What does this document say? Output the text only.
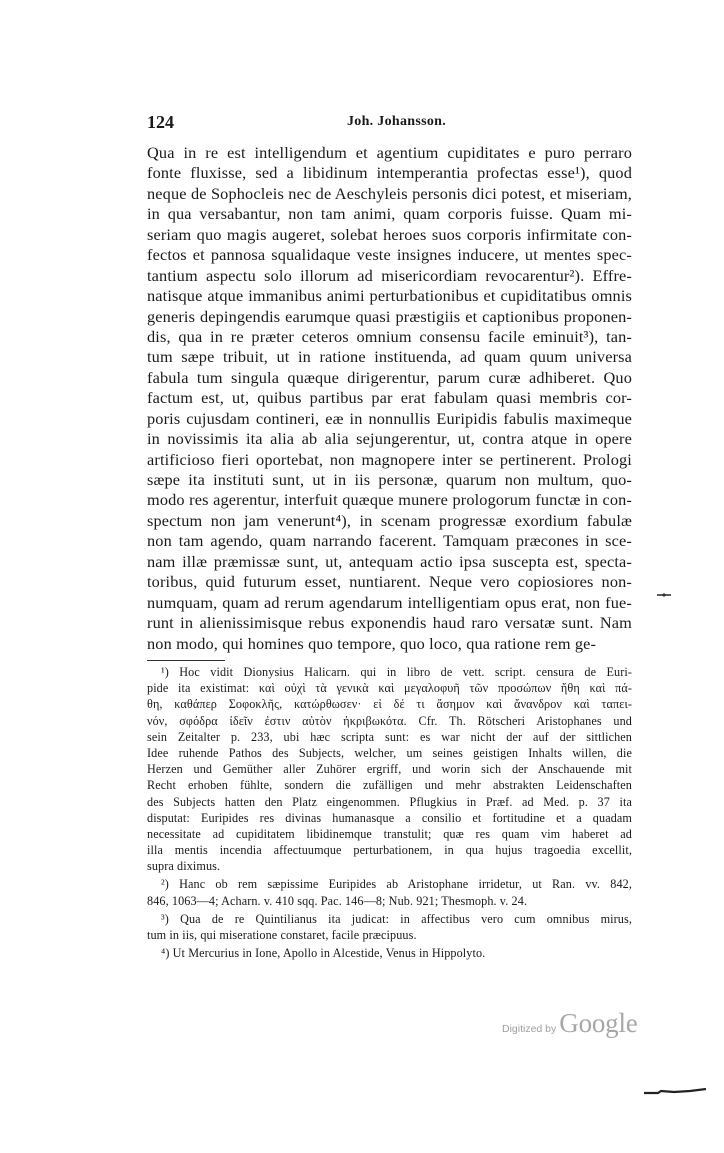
124	Joh. Johansson.
Qua in re est intelligendum et agentium cupiditates e puro perraro
fonte fluxisse, sed a libidinum intemperantia profectas esse¹), quod
neque de Sophocleis nec de Aeschyleis personis dici potest, et miseriam,
in qua versabantur, non tam animi, quam corporis fuisse. Quam mi-
seriam quo magis augeret, solebat heroes suos corporis infirmitate con-
fectos et pannosa squalidaque veste insignes inducere, ut mentes spec-
tantium aspectu solo illorum ad misericordiam revocarentur²). Effre-
natisque atque immanibus animi perturbationibus et cupiditatibus omnis
generis depingendis earumque quasi præstigiis et captionibus proponen-
dis, qua in re præter ceteros omnium consensu facile eminuit³), tan-
tum sæpe tribuit, ut in ratione instituenda, ad quam quum universa
fabula tum singula quæque dirigerentur, parum curæ adhiberet. Quo
factum est, ut, quibus partibus par erat fabulam quasi membris cor-
poris cujusdam contineri, eæ in nonnullis Euripidis fabulis maximeque
in novissimis ita alia ab alia sejungerentur, ut, contra atque in opere
artificioso fieri oportebat, non magnopere inter se pertinerent. Prologi
sæpe ita instituti sunt, ut in iis personæ, quarum non multum, quo-
modo res agerentur, interfuit quæque munere prologorum functæ in con-
spectum non jam venerunt⁴), in scenam progressæ exordium fabulæ
non tam agendo, quam narrando facerent. Tamquam præcones in sce-
nam illæ præmissæ sunt, ut, antequam actio ipsa suscepta est, specta-
toribus, quid futurum esset, nuntiarent. Neque vero copiosiores non-
numquam, quam ad rerum agendarum intelligentiam opus erat, non fue-
runt in alienissimisque rebus exponendis haud raro versatæ sunt. Nam
non modo, qui homines quo tempore, quo loco, qua ratione rem ge-
¹) Hoc vidit Dionysius Halicarn. qui in libro de vett. script. censura de Euri-
pide ita existimat: καὶ οὐχὶ τὰ γενικὰ καὶ μεγαλοφυῆ τῶν προσώπων ἤθη καὶ πά-
θη, καθάπερ Σοφοκλῆς, κατώρθωσεν· εἰ δέ τι ἄσημον καὶ ἄνανδρον καὶ ταπει-
νόν, σφόδρα ἰδεῖν ἐστιν αὐτὸν ἠκριβωκότα. Cfr. Th. Rötscheri Aristophanes und
sein Zeitalter p. 233, ubi hæc scripta sunt: es war nicht der auf der sittlichen
Idee ruhende Pathos des Subjects, welcher, um seines geistigen Inhalts willen, die
Herzen und Gemüther aller Zuhörer ergriff, und worin sich der Anschauende mit
Recht erhoben fühlte, sondern die zufälligen und mehr abstrakten Leidenschaften
des Subjects hatten den Platz eingenommen. Pflugkius in Præf. ad Med. p. 37 ita
disputat: Euripides res divinas humanasque a consilio et fortitudine et a quadam
necessitate ad cupiditatem libidinemque transtulit; quæ res quam vim haberet ad
illa mentis incendia affectuumque perturbationem, in qua hujus tragoedia excellit,
supra diximus.
²) Hanc ob rem sæpissime Euripides ab Aristophane irridetur, ut Ran. vv. 842,
846, 1063—4; Acharn. v. 410 sqq. Pac. 146—8; Nub. 921; Thesmoph. v. 24.
³) Qua de re Quintilianus ita judicat: in affectibus vero cum omnibus mirus,
tum in iis, qui miseratione constaret, facile præcipuus.
⁴) Ut Mercurius in Ione, Apollo in Alcestide, Venus in Hippolyto.
Digitized by Google
